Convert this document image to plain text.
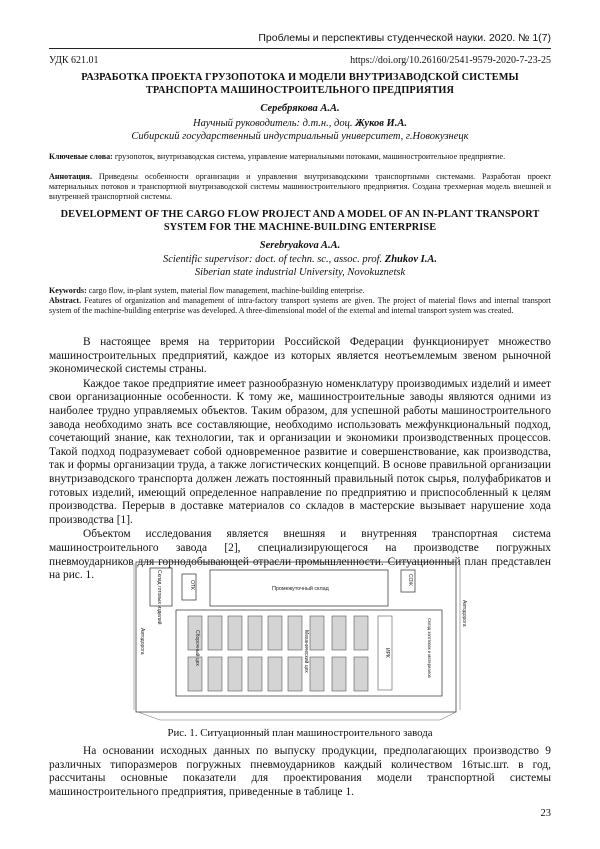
Проблемы и перспективы студенческой науки. 2020. № 1(7)
УДК 621.01	https://doi.org/10.26160/2541-9579-2020-7-23-25
РАЗРАБОТКА ПРОЕКТА ГРУЗОПОТОКА И МОДЕЛИ ВНУТРИЗАВОДСКОЙ СИСТЕМЫ ТРАНСПОРТА МАШИНОСТРОИТЕЛЬНОГО ПРЕДПРИЯТИЯ
Серебрякова А.А.
Научный руководитель: д.т.н., доц. Жуков И.А.
Сибирский государственный индустриальный университет, г.Новокузнецк
Ключевые слова: грузопоток, внутризаводская система, управление материальными потоками, машиностроительное предприятие.
Аннотация. Приведены особенности организации и управления внутризаводскими транспортными системами. Разработан проект материальных потоков и транспортной внутризаводской системы машиностроительного предприятия. Создана трехмерная модель внешней и внутренней транспортной системы.
DEVELOPMENT OF THE CARGO FLOW PROJECT AND A MODEL OF AN IN-PLANT TRANSPORT SYSTEM FOR THE MACHINE-BUILDING ENTERPRISE
Serebryakova A.A.
Scientific supervisor: doct. of techn. sc., assoc. prof. Zhukov I.A.
Siberian state industrial University, Novokuznetsk
Keywords: cargo flow, in-plant system, material flow management, machine-building enterprise.
Abstract. Features of organization and management of intra-factory transport systems are given. The project of material flows and internal transport system of the machine-building enterprise was developed. A three-dimensional model of the external and internal transport system was created.

В настоящее время на территории Российской Федерации функционирует множество машиностроительных предприятий, каждое из которых является неотъемлемым звеном рыночной экономической системы страны.

Каждое такое предприятие имеет разнообразную номенклатуру производимых изделий и имеет свои организационные особенности. К тому же, машиностроительные заводы являются одними из наиболее трудно управляемых объектов. Таким образом, для успешной работы машиностроительного завода необходимо знать все составляющие, необходимо использовать межфункциональный подход, сочетающий знание, как технологии, так и организации и экономики производственных процессов. Такой подход подразумевает собой одновременное развитие и совершенствование, как производства, так и формы организации труда, а также логистических концепций. В основе правильной организации внутризаводского транспорта должен лежать постоянный правильный поток сырья, полуфабрикатов и готовых изделий, имеющий определенное направление по предприятию и приспособленный к целям производства. Перерыв в доставке материалов со складов в мастерские вызывает нарушение хода производства [1].

Объектом исследования является внешняя и внутренняя транспортная система машиностроительного завода [2], специализирующегося на производстве погружных пневмоударников для горнодобывающей отрасли промышленности. Ситуационный план представлен на рис. 1.	Склад готовых изделий	ОТК	Промежуточный склад
СОЖ
Сборочный цех	Механический цех	ИРК	Склад заготовок и материалов
Автодорога
Автодорога
Рис. 1. Ситуационный план машиностроительного завода

На основании исходных данных по выпуску продукции, предполагающих производство 9 различных типоразмеров погружных пневмоударников каждый количеством 16тыс.шт. в год, рассчитаны основные показатели для проектирования модели транспортной системы машиностроительного предприятия, приведенные в таблице 1.

23
